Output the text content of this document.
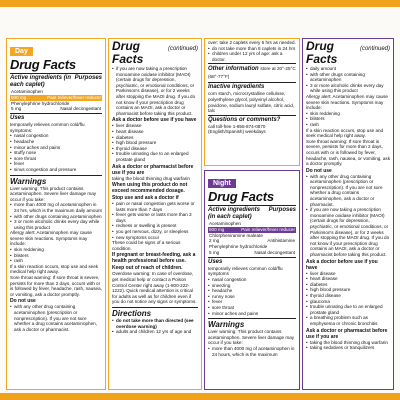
Day
Drug Facts
Active ingredients (in each caplet)
Purposes
Acetaminophen
500 mg	Pain reliever/fever reducer
Phenylephrine hydrochloride
5 mg	Nasal decongestant
Uses
temporarily relieves common cold/flu symptoms:
• nasal congestion
• headache
• minor aches and pains
• stuffy nose
• sore throat
• fever
• sinus congestion and pressure
Warnings
Liver warning: This product contains acetaminophen. Severe liver damage may occur if you take:
• more than 4000 mg of acetaminophen in 24 hrs, which is the maximum daily amount
• with other drugs containing acetaminophen
• 3 or more alcoholic drinks every day while using this product
Allergy alert: Acetaminophen may cause severe skin reactions. Symptoms may include:
• skin reddening
• blisters
• rash
If a skin reaction occurs, stop use and seek medical help right away.
Sore throat warning: If sore throat is severe, persists for more than 2 days, occurs with or is followed by fever, headache, rash, nausea, or vomiting, ask a doctor promptly.
Do not use
• with any other drug containing acetaminophen (prescription or nonprescription). If you are not sure whether a drug contains acetaminophen, ask a doctor or pharmacist.
Drug Facts
(continued)
• if you are now taking a prescription monoamine oxidase inhibitor (MAOI) (certain drugs for depression, psychiatric, or emotional conditions, or Parkinson's disease), or for 2 weeks after stopping the MAOI drug. If you do not know if your prescription drug contains an MAOI, ask a doctor or pharmacist before taking this product.
Ask a doctor before use if you have
• liver disease
• heart disease
• diabetes
• high blood pressure
• thyroid disease
• trouble urinating due to an enlarged prostate gland
Ask a doctor or pharmacist before use if you are
taking the blood thinning drug warfarin
When using this product do not exceed recommended dosage.
Stop use and ask a doctor if
• pain or nasal congestion gets worse or lasts more than 7 days
• fever gets worse or lasts more than 3 days
• redness or swelling is present
• you get nervous, dizzy, or sleepless
• new symptoms occur
These could be signs of a serious condition.
If pregnant or breast-feeding, ask a health professional before use.
Keep out of reach of children.
Overdose warning: In case of overdose, get medical help or contact a Poison Control Center right away (1-800-222-1222). Quick medical attention is critical for adults as well as for children even if you do not notice any signs or symptoms.
Directions
• do not take more than directed (see overdose warning)
• adults and children 12 yrs of age and
over: take 2 caplets every 6 hrs as needed.
• do not take more than 8 caplets in 24 hrs
• children under 12 yrs of age: ask a doctor.
Other information store at 20°-25°C (68°-77°F)
Inactive ingredients
corn starch, microcrystalline cellulose, polyethylene glycol, polyvinyl alcohol, povidone, sodium lauryl sulfate, citric acid, talc
Questions or comments?
call toll-free 1-855-874-0870 (English/Spanish) weekdays
Night
Drug Facts
Active ingredients (in each caplet)
Purposes
Acetaminophen
500 mg	Pain reliever/fever reducer
Chlorpheniramine maleate
2 mg	Antihistamine
Phenylephrine hydrochloride
5 mg	Nasal decongestant
Uses
temporarily relieves common cold/flu symptoms
• nasal congestion
• sneezing
• headache
• runny nose
• fever
• sore throat
• minor aches and pains
Warnings
Liver warning: This product contains acetaminophen. Severe liver damage may occur if you take:
• more than 4000 mg of acetaminophen in 24 hours, which is the maximum
Drug Facts
(continued)
• daily amount
• with other drugs containing acetaminophen
• 3 or more alcoholic drinks every day while using this product
Allergy alert: Acetaminophen may cause severe skin reactions. Symptoms may include:
• skin reddening
• blisters
• rash
If a skin reaction occurs, stop use and seek medical help right away.
Sore throat warning: If sore throat is severe, persists for more than 2 days, occurs with or is followed by fever, headache, rash, nausea, or vomiting, ask a doctor promptly.
Do not use
• with any other drug containing acetaminophen (prescription or nonprescription). If you are not sure whether a drug contains acetaminophen, ask a doctor or pharmacist.
• if you are now taking a prescription monoamine oxidase inhibitor (MAOI) (certain drugs for depression, psychiatric, or emotional conditions, or Parkinson's disease), or for 2 weeks after stopping the MAOI drug. If you do not know if your prescription drug contains an MAOI, ask a doctor or pharmacist before taking this product.
Ask a doctor before use if you have
• liver disease
• heart disease
• diabetes
• high blood pressure
• thyroid disease
• glaucoma
• trouble urinating due to an enlarged prostate gland
• a breathing problem such as emphysema or chronic bronchitis
Ask a doctor or pharmacist before use if you are
• taking the blood thinning drug warfarin
• taking sedatives or tranquilizers
